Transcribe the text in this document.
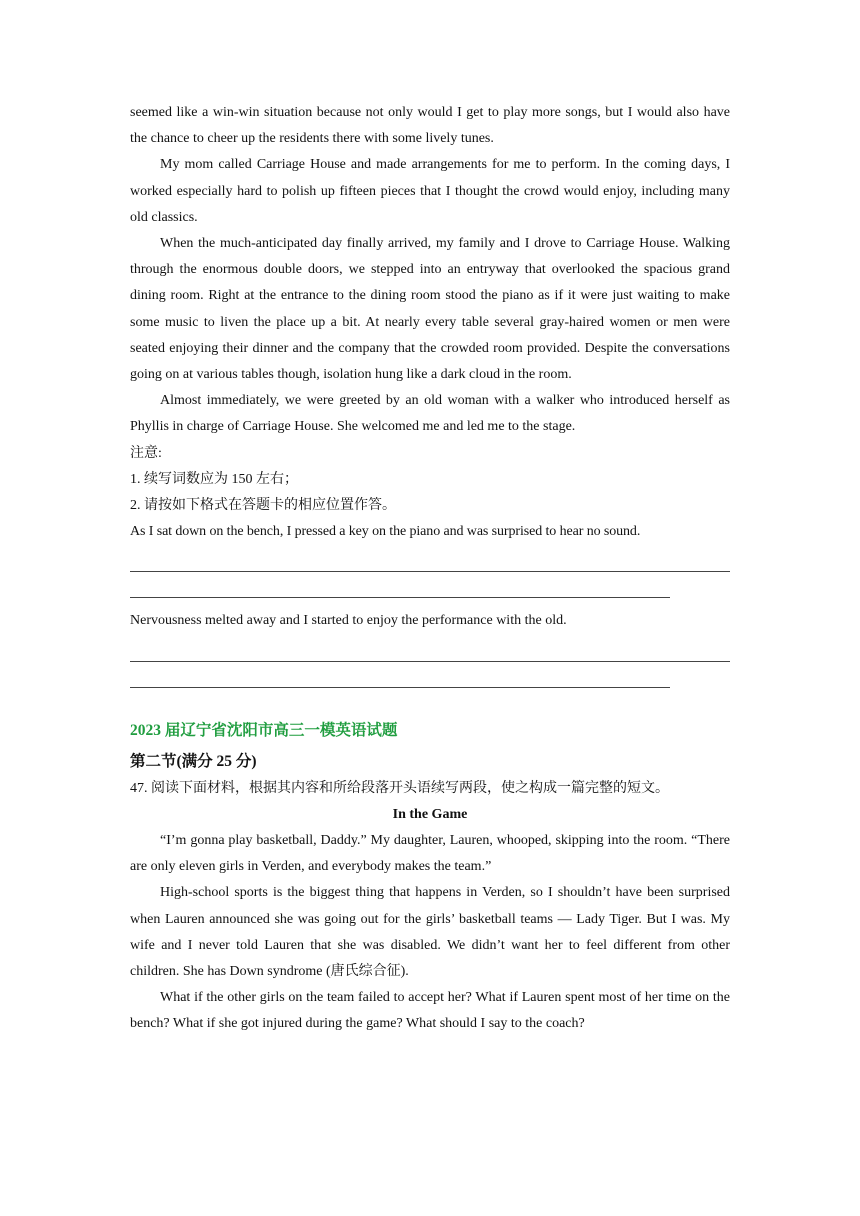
seemed like a win-win situation because not only would I get to play more songs, but I would also have the chance to cheer up the residents there with some lively tunes.

My mom called Carriage House and made arrangements for me to perform. In the coming days, I worked especially hard to polish up fifteen pieces that I thought the crowd would enjoy, including many old classics.

When the much-anticipated day finally arrived, my family and I drove to Carriage House. Walking through the enormous double doors, we stepped into an entryway that overlooked the spacious grand dining room. Right at the entrance to the dining room stood the piano as if it were just waiting to make some music to liven the place up a bit. At nearly every table several gray-haired women or men were seated enjoying their dinner and the company that the crowded room provided. Despite the conversations going on at various tables though, isolation hung like a dark cloud in the room.

Almost immediately, we were greeted by an old woman with a walker who introduced herself as Phyllis in charge of Carriage House. She welcomed me and led me to the stage.

注意:

1. 续写词数应为 150 左右；

2. 请按如下格式在答题卡的相应位置作答。

As I sat down on the bench, I pressed a key on the piano and was surprised to hear no sound.

Nervousness melted away and I started to enjoy the performance with the old.

2023 届辽宁省沈阳市高三一模英语试题

第二节(满分 25 分)

47. 阅读下面材料，根据其内容和所给段落开头语续写两段，使之构成一篇完整的短文。

In the Game

“I’m gonna play basketball, Daddy.” My daughter, Lauren, whooped, skipping into the room. “There are only eleven girls in Verden, and everybody makes the team.”

High-school sports is the biggest thing that happens in Verden, so I shouldn’t have been surprised when Lauren announced she was going out for the girls’ basketball teams — Lady Tiger. But I was. My wife and I never told Lauren that she was disabled. We didn’t want her to feel different from other children. She has Down syndrome (唐氏综合征).

What if the other girls on the team failed to accept her? What if Lauren spent most of her time on the bench? What if she got injured during the game? What should I say to the coach?
